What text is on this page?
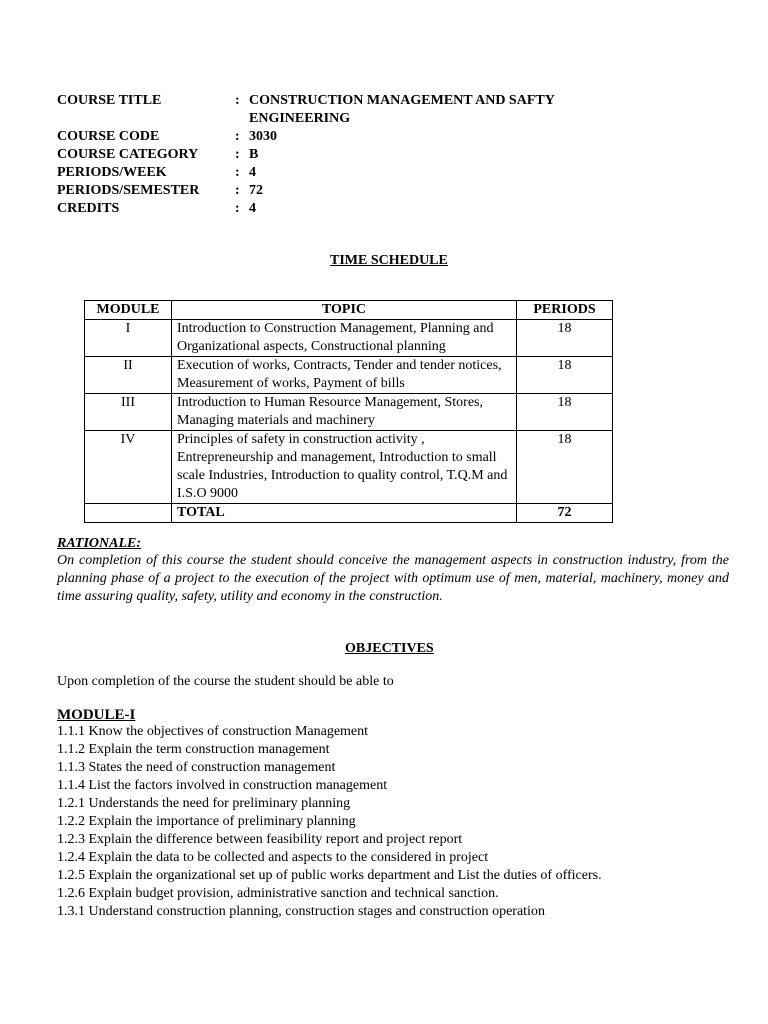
COURSE TITLE	: CONSTRUCTION MANAGEMENT AND SAFTY
ENGINEERING
COURSE CODE	: 3030
COURSE CATEGORY	: B
PERIODS/WEEK	: 4
PERIODS/SEMESTER	: 72
CREDITS	: 4
TIME SCHEDULE
MODULE	TOPIC	PERIODS
I	Introduction to Construction Management, Planning and Organizational aspects, Constructional planning	18
II	Execution of works, Contracts, Tender and tender notices, Measurement of works, Payment of bills	18
III	Introduction to Human Resource Management, Stores, Managing materials and machinery	18
IV	Principles of safety in construction activity , Entrepreneurship and management, Introduction to small scale Industries, Introduction to quality control, T.Q.M and I.S.O 9000	18
	TOTAL	72
RATIONALE:
On completion of this course the student should conceive the management aspects in construction industry, from the planning phase of a project to the execution of the project with optimum use of men, material, machinery, money and time assuring quality, safety, utility and economy in the construction.
OBJECTIVES
Upon completion of the course the student should be able to
MODULE-I
1.1.1 Know the objectives of construction Management
1.1.2 Explain the term construction management
1.1.3 States the need of construction management
1.1.4 List the factors involved in construction management
1.2.1 Understands the need for preliminary planning
1.2.2 Explain the importance of preliminary planning
1.2.3 Explain the difference between feasibility report and project report
1.2.4 Explain the data to be collected and aspects to the considered in project
1.2.5 Explain the organizational set up of public works department and List the duties of officers.
1.2.6 Explain budget provision, administrative sanction and technical sanction.
1.3.1 Understand construction planning, construction stages and construction operation
